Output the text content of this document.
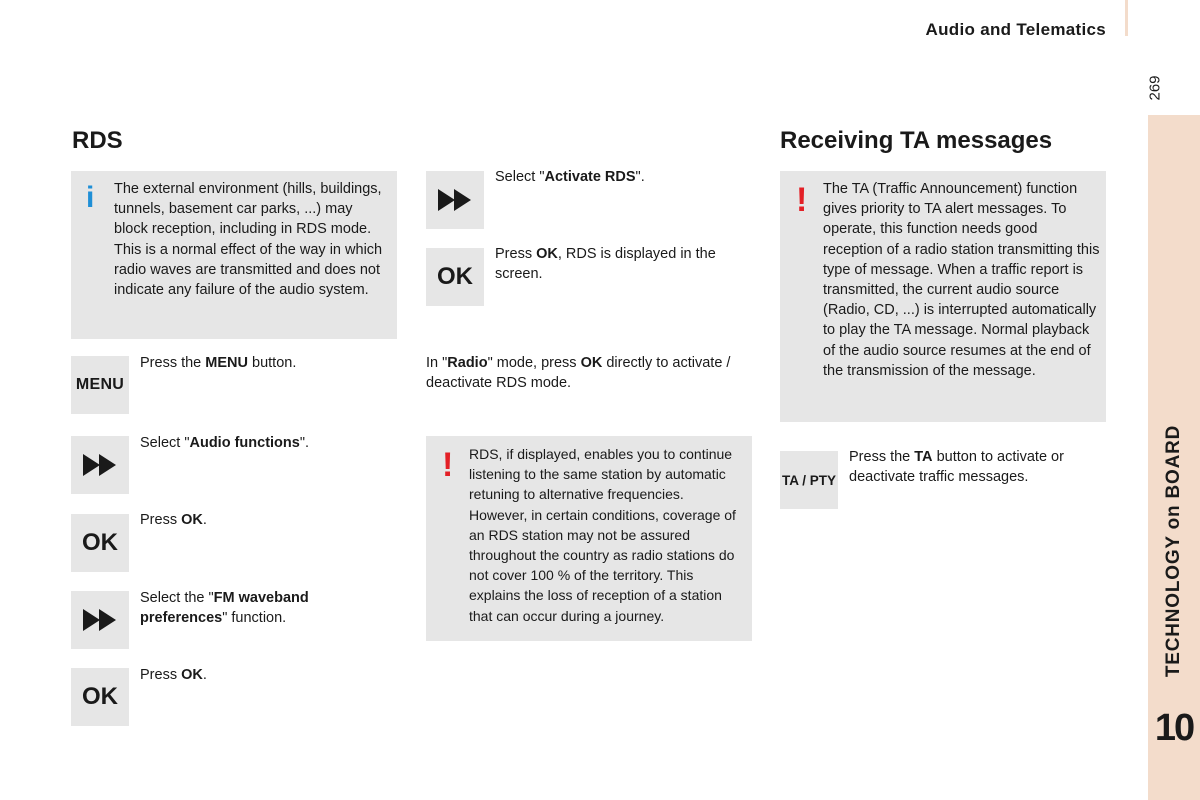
Audio and Telematics
269
TECHNOLOGY on BOARD
10
RDS
i The external environment (hills, buildings, tunnels, basement car parks, ...) may block reception, including in RDS mode. This is a normal effect of the way in which radio waves are transmitted and does not indicate any failure of the audio system.
MENU
Press the MENU button.
Select "Audio functions".
OK
Press OK.
Select the "FM waveband preferences" function.
OK
Press OK.
Select "Activate RDS".
OK
Press OK, RDS is displayed in the screen.
In "Radio" mode, press OK directly to activate / deactivate RDS mode.
! RDS, if displayed, enables you to continue listening to the same station by automatic retuning to alternative frequencies. However, in certain conditions, coverage of an RDS station may not be assured throughout the country as radio stations do not cover 100 % of the territory. This explains the loss of reception of a station that can occur during a journey.
Receiving TA messages
! The TA (Traffic Announcement) function gives priority to TA alert messages. To operate, this function needs good reception of a radio station transmitting this type of message. When a traffic report is transmitted, the current audio source (Radio, CD, ...) is interrupted automatically to play the TA message. Normal playback of the audio source resumes at the end of the transmission of the message.
TA / PTY
Press the TA button to activate or deactivate traffic messages.
